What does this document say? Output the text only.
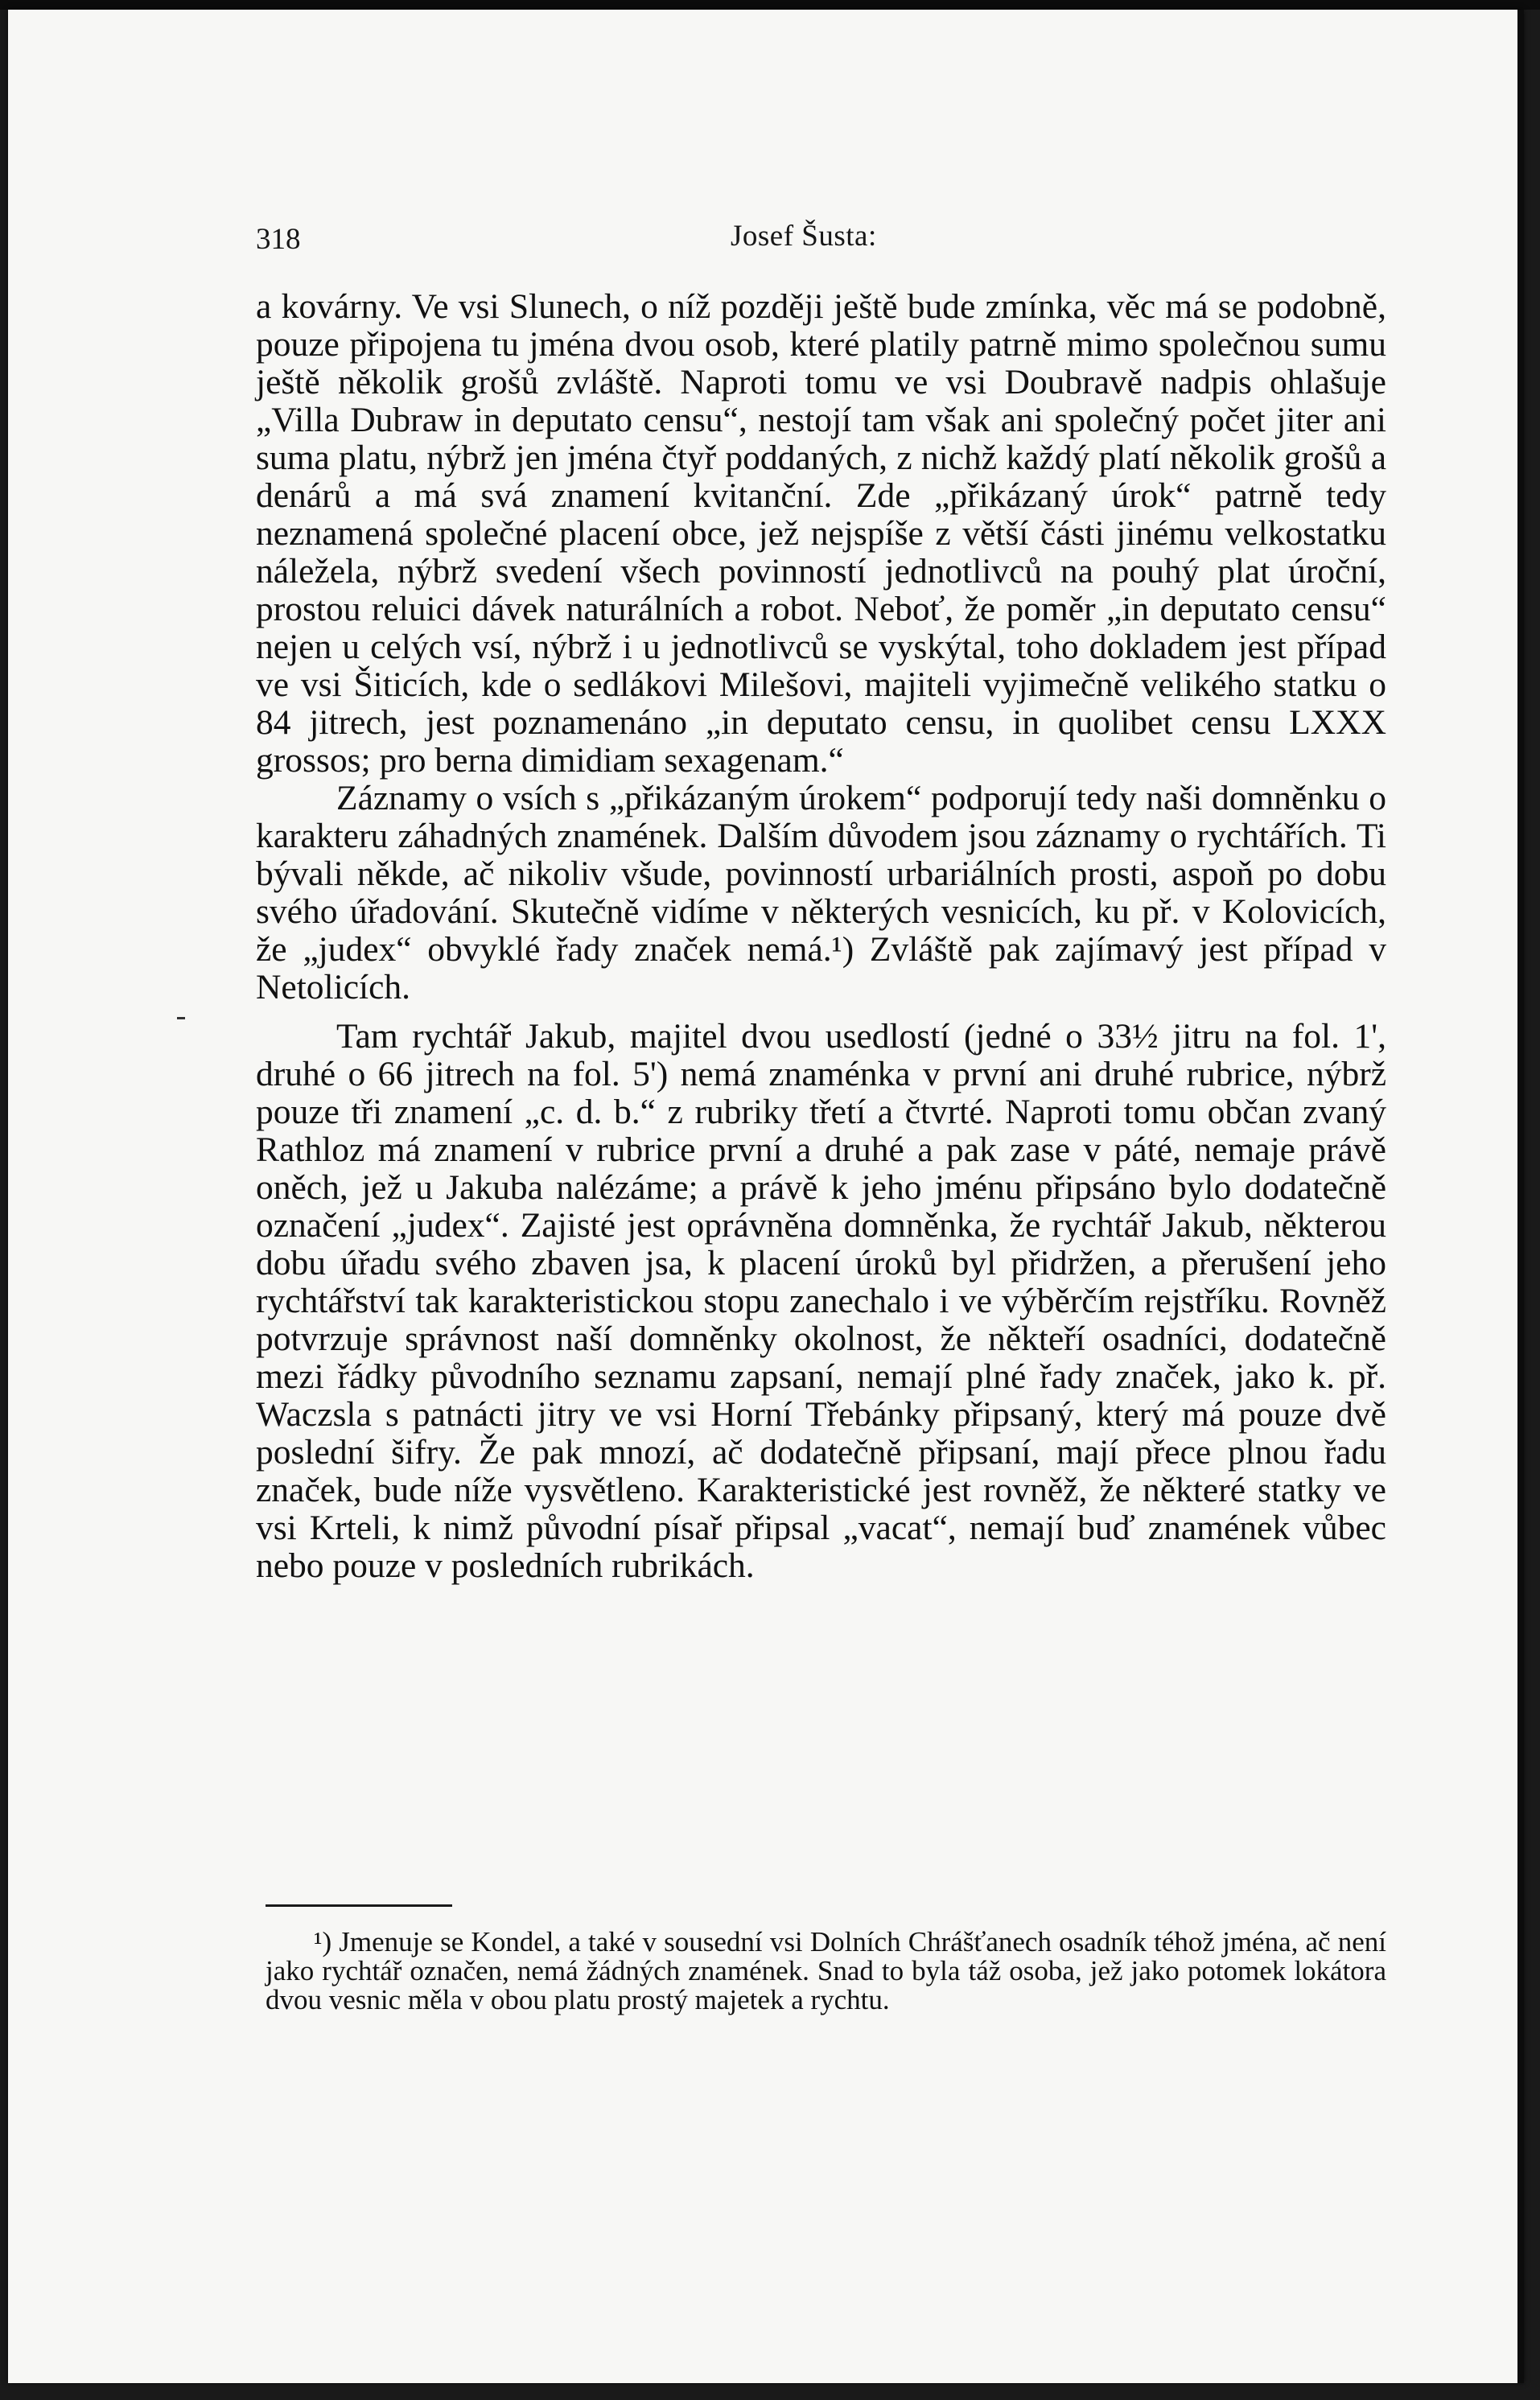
318	Josef Šusta:

a kovárny. Ve vsi Slunech, o níž později ještě bude zmínka, věc má se podobně, pouze připojena tu jména dvou osob, které platily patrně mimo společnou sumu ještě několik grošů zvláště. Naproti tomu ve vsi Doubravě nadpis ohlašuje „Villa Dubraw in deputato censu“, nestojí tam však ani společný počet jiter ani suma platu, nýbrž jen jména čtyř poddaných, z nichž každý platí několik grošů a denárů a má svá znamení kvitanční. Zde „přikázaný úrok“ patrně tedy neznamená společné placení obce, jež nejspíše z větší části jinému velkostatku náležela, nýbrž svedení všech povinností jednotlivců na pouhý plat úroční, prostou reluici dávek naturálních a robot. Neboť, že poměr „in deputato censu“ nejen u celých vsí, nýbrž i u jednotlivců se vyskýtal, toho dokladem jest případ ve vsi Šiticích, kde o sedlákovi Milešovi, majiteli vyjimečně velikého statku o 84 jitrech, jest poznamenáno „in deputato censu, in quolibet censu LXXX grossos; pro berna dimidiam sexagenam.“

Záznamy o vsích s „přikázaným úrokem“ podporují tedy naši domněnku o karakteru záhadných znamének. Dalším důvodem jsou záznamy o rychtářích. Ti bývali někde, ač nikoliv všude, povinností urbariálních prosti, aspoň po dobu svého úřadování. Skutečně vidíme v některých vesnicích, ku př. v Kolovicích, že „judex“ obvyklé řady značek nemá.¹) Zvláště pak zajímavý jest případ v Netolicích.

Tam rychtář Jakub, majitel dvou usedlostí (jedné o 33½ jitru na fol. 1', druhé o 66 jitrech na fol. 5') nemá znaménka v první ani druhé rubrice, nýbrž pouze tři znamení „c. d. b.“ z rubriky třetí a čtvrté. Naproti tomu občan zvaný Rathloz má znamení v rubrice první a druhé a pak zase v páté, nemaje právě oněch, jež u Jakuba nalézáme; a právě k jeho jménu připsáno bylo dodatečně označení „judex“. Zajisté jest oprávněna domněnka, že rychtář Jakub, některou dobu úřadu svého zbaven jsa, k placení úroků byl přidržen, a přerušení jeho rychtářství tak karakteristickou stopu zanechalo i ve výběrčím rejstříku. Rovněž potvrzuje správnost naší domněnky okolnost, že někteří osadníci, dodatečně mezi řádky původního seznamu zapsaní, nemají plné řady značek, jako k. př. Waczsla s patnácti jitry ve vsi Horní Třebánky připsaný, který má pouze dvě poslední šifry. Že pak mnozí, ač dodatečně připsaní, mají přece plnou řadu značek, bude níže vysvětleno. Karakteristické jest rovněž, že některé statky ve vsi Krteli, k nimž původní písař připsal „vacat“, nemají buď znamének vůbec nebo pouze v posledních rubrikách.

¹) Jmenuje se Kondel, a také v sousední vsi Dolních Chrášťanech osadník téhož jména, ač není jako rychtář označen, nemá žádných znamének. Snad to byla táž osoba, jež jako potomek lokátora dvou vesnic měla v obou platu prostý majetek a rychtu.
